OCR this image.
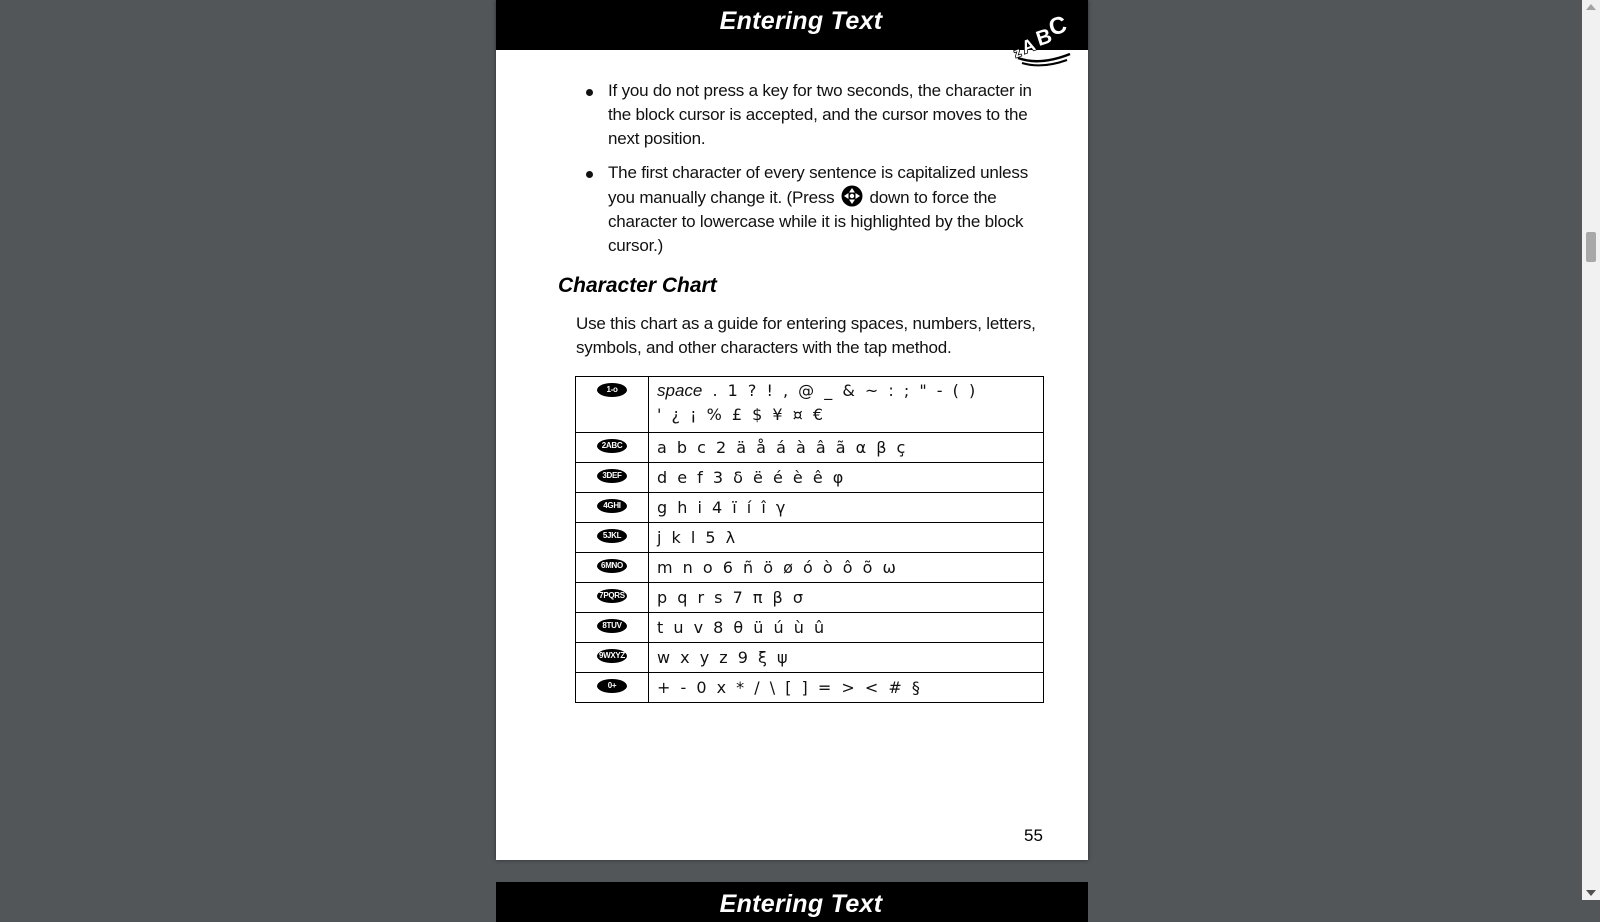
Entering Text
z
A
B
C
If you do not press a key for two seconds, the character in the block cursor is accepted, and the cursor moves to the next position.
The first character of every sentence is capitalized unless you manually change it. (Press down to force the character to lowercase while it is highlighted by the block cursor.)
Character Chart

Use this chart as a guide for entering spaces, numbers, letters, symbols, and other characters with the tap method.

1-o	space . 1 ? ! , @ _ & ~ : ; " - ( )
' ¿ ¡ % £ $ ¥ ¤ €

2ABC	a b c 2 ä å á à â ã α β ç

3DEF	d e f 3 δ ë é è ê φ

4GHI	g h i 4 ï í î γ

5JKL	j k l 5 λ

6MNO	m n o 6 ñ ö ø ó ò ô õ ω

7PQRS	p q r s 7 π β σ

8TUV	t u v 8 θ ü ú ù û

9WXYZ	w x y z 9 ξ ψ

0+	+ - 0 x * / \ [ ] = > < # §
55
Entering Text
